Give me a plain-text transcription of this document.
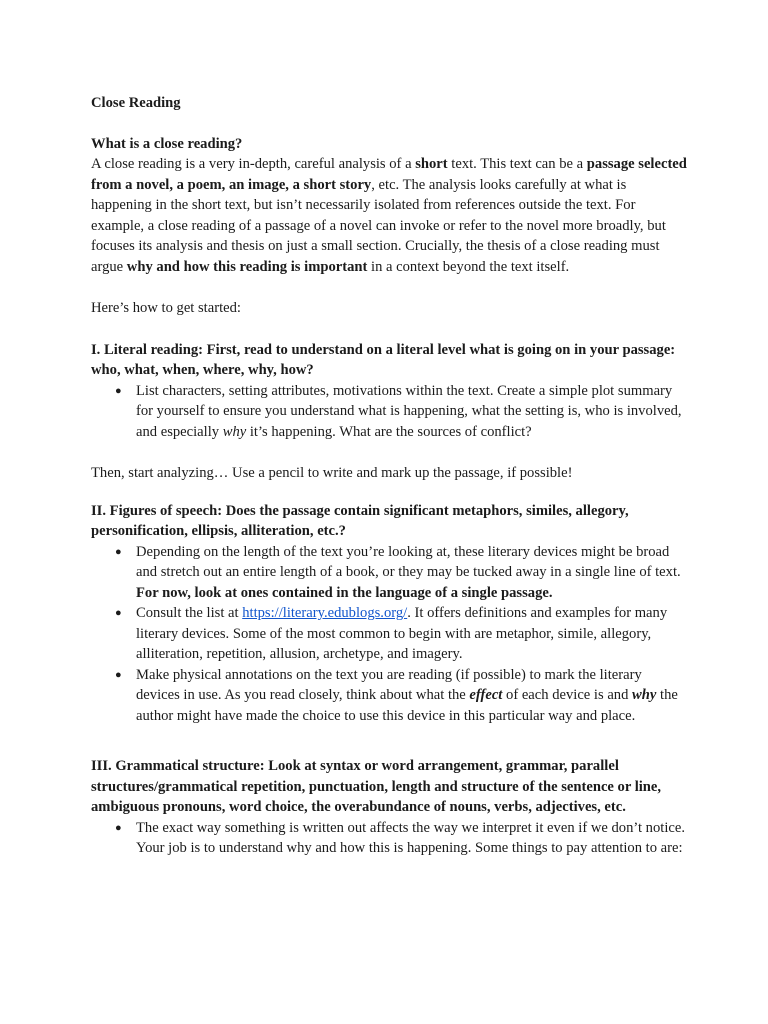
Close Reading

What is a close reading?

A close reading is a very in-depth, careful analysis of a short text. This text can be a passage selected from a novel, a poem, an image, a short story, etc. The analysis looks carefully at what is happening in the short text, but isn’t necessarily isolated from references outside the text. For example, a close reading of a passage of a novel can invoke or refer to the novel more broadly, but focuses its analysis and thesis on just a small section. Crucially, the thesis of a close reading must argue why and how this reading is important in a context beyond the text itself.

Here’s how to get started:

I. Literal reading: First, read to understand on a literal level what is going on in your passage: who, what, when, where, why, how?

● List characters, setting attributes, motivations within the text. Create a simple plot summary for yourself to ensure you understand what is happening, what the setting is, who is involved, and especially why it’s happening. What are the sources of conflict?

Then, start analyzing… Use a pencil to write and mark up the passage, if possible!

II. Figures of speech: Does the passage contain significant metaphors, similes, allegory, personification, ellipsis, alliteration, etc.?

● Depending on the length of the text you’re looking at, these literary devices might be broad and stretch out an entire length of a book, or they may be tucked away in a single line of text. For now, look at ones contained in the language of a single passage.
● Consult the list at https://literary.edublogs.org/. It offers definitions and examples for many literary devices. Some of the most common to begin with are metaphor, simile, allegory, alliteration, repetition, allusion, archetype, and imagery.
● Make physical annotations on the text you are reading (if possible) to mark the literary devices in use. As you read closely, think about what the effect of each device is and why the author might have made the choice to use this device in this particular way and place.

III. Grammatical structure: Look at syntax or word arrangement, grammar, parallel structures/grammatical repetition, punctuation, length and structure of the sentence or line, ambiguous pronouns, word choice, the overabundance of nouns, verbs, adjectives, etc.

● The exact way something is written out affects the way we interpret it even if we don’t notice. Your job is to understand why and how this is happening. Some things to pay attention to are:
